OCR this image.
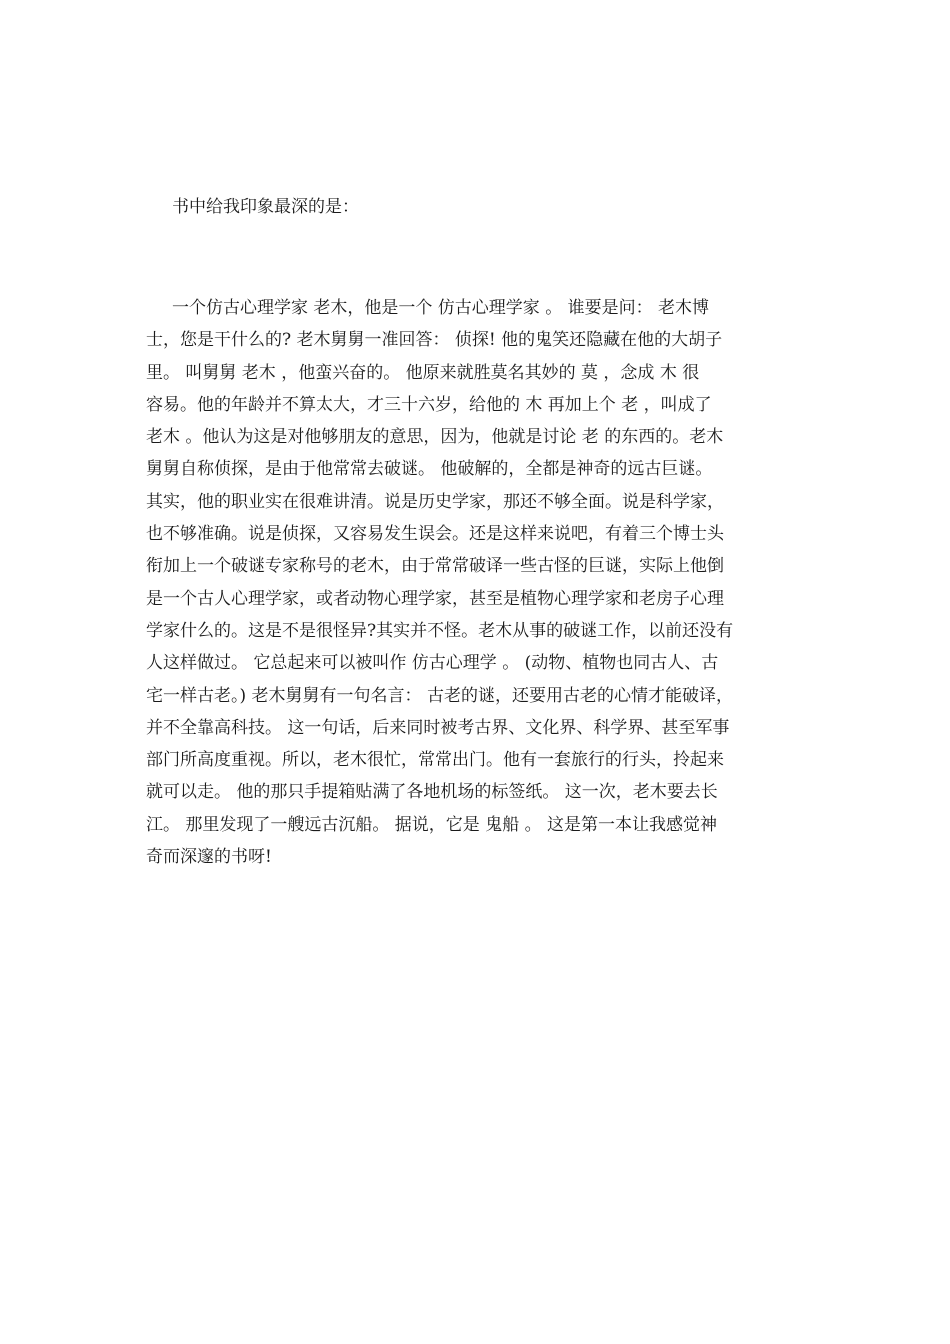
书中给我印象最深的是：
一个仿古心理学家 老木，他是一个 仿古心理学家 。 谁要是问： 老木博
士，您是干什么的? 老木舅舅一准回答： 侦探! 他的鬼笑还隐藏在他的大胡子
里。 叫舅舅 老木 ，他蛮兴奋的。 他原来就胜莫名其妙的 莫 ，念成 木 很
容易。他的年龄并不算太大，才三十六岁，给他的 木 再加上个 老 ，叫成了
老木 。他认为这是对他够朋友的意思，因为，他就是讨论 老 的东西的。老木
舅舅自称侦探，是由于他常常去破谜。 他破解的，全都是神奇的远古巨谜。
其实，他的职业实在很难讲清。说是历史学家，那还不够全面。说是科学家，
也不够准确。说是侦探，又容易发生误会。还是这样来说吧，有着三个博士头
衔加上一个破谜专家称号的老木，由于常常破译一些古怪的巨谜，实际上他倒
是一个古人心理学家，或者动物心理学家，甚至是植物心理学家和老房子心理
学家什么的。这是不是很怪异?其实并不怪。老木从事的破谜工作，以前还没有
人这样做过。 它总起来可以被叫作 仿古心理学 。 (动物、植物也同古人、古
宅一样古老。) 老木舅舅有一句名言： 古老的谜，还要用古老的心情才能破译，
并不全靠高科技。 这一句话，后来同时被考古界、文化界、科学界、甚至军事
部门所高度重视。所以，老木很忙，常常出门。他有一套旅行的行头，拎起来
就可以走。 他的那只手提箱贴满了各地机场的标签纸。 这一次，老木要去长
江。 那里发现了一艘远古沉船。 据说，它是 鬼船 。 这是第一本让我感觉神
奇而深邃的书呀!
